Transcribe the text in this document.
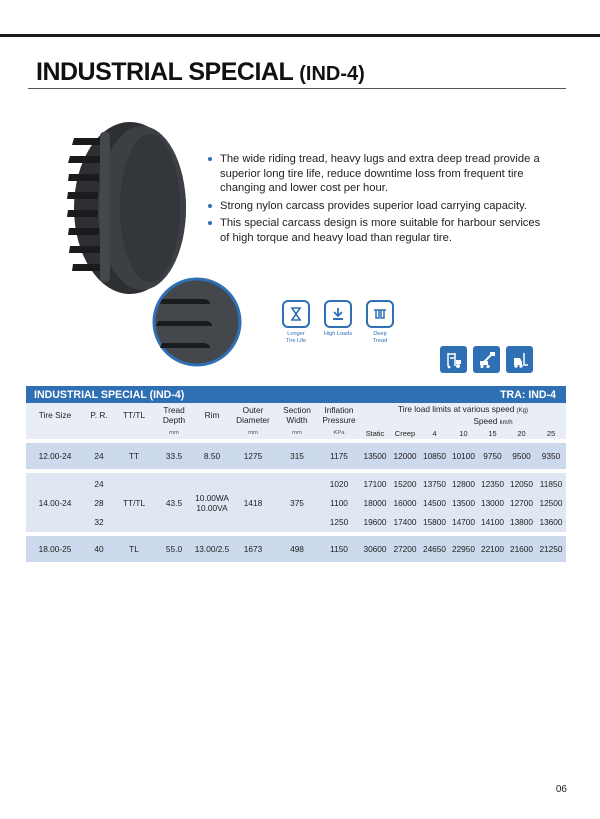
INDUSTRIAL SPECIAL (IND-4)
The wide riding tread, heavy lugs and extra deep tread provide a superior long tire life, reduce downtime loss from frequent tire changing and lower cost per hour.
Strong nylon carcass provides superior load carrying capacity.
This special carcass design is more suitable for harbour services of high torque and heavy load than regular tire.
Longer
Tire Life
High Loads	Deep
Tread
INDUSTRIAL SPECIAL (IND-4)								TRA: IND-4						
Tire Size	P. R.	TT/TL	Tread
Depth	Rim	Outer
Diameter	Section
Width	Inflation
Pressure	Tire load limits at various speed (Kg)						
										Speed km/h				
			mm		mm	mm	KPa	Static	Creep	4	10	15	20	25

12.00-24	24	TT	33.5	8.50	1275	315	1175	13500	12000	10850	10100	9750	9500	9350

14.00-24	24	TT/TL	43.5	10.00WA
10.00VA	1418	375	1020	17100	15200	13750	12800	12350	12050	11850
	28						1100	18000	16000	14500	13500	13000	12700	12500
	32						1250	19600	17400	15800	14700	14100	13800	13600

18.00-25	40	TL	55.0	13.00/2.5	1673	498	1150	30600	27200	24650	22950	22100	21600	21250
06
